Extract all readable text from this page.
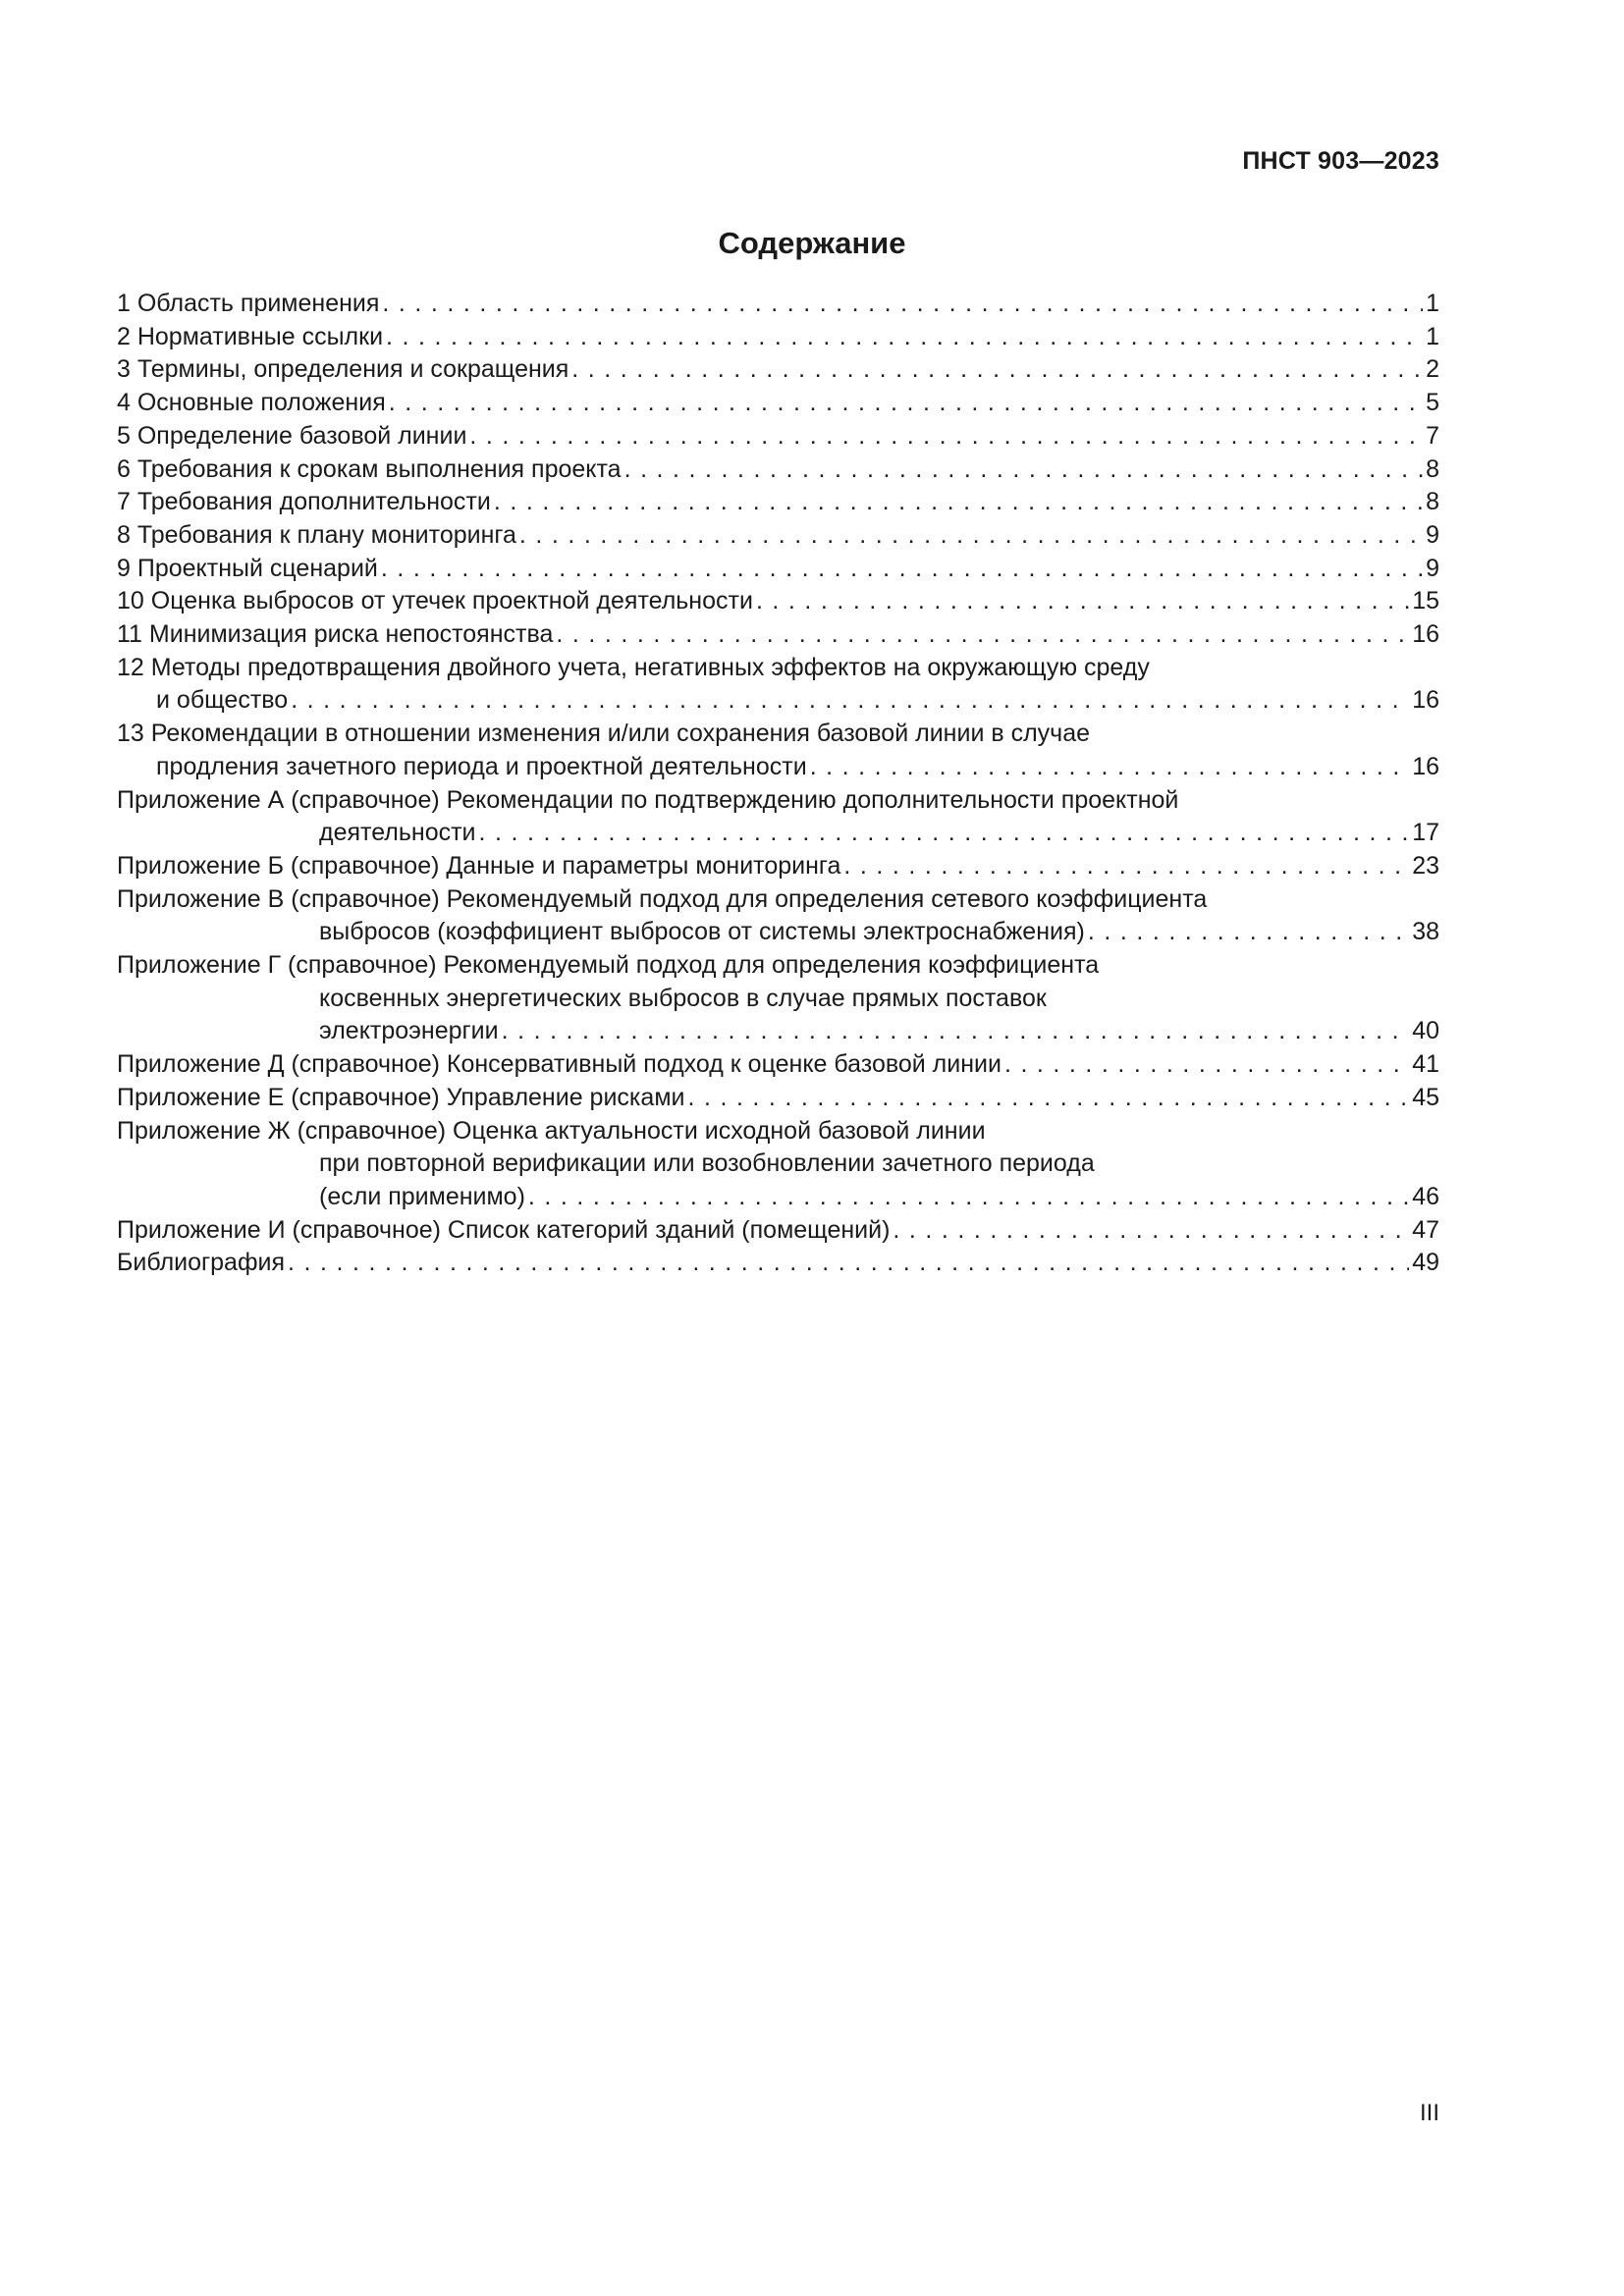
ПНСТ 903—2023
Содержание
1 Область применения . . .	1
2 Нормативные ссылки . . .	1
3 Термины, определения и сокращения . . .	2
4 Основные положения . . .	5
5 Определение базовой линии . . .	7
6 Требования к срокам выполнения проекта . . .	8
7 Требования дополнительности . . .	8
8 Требования к плану мониторинга . . .	9
9 Проектный сценарий . . .	9
10 Оценка выбросов от утечек проектной деятельности . . .	15
11 Минимизация риска непостоянства . . .	16
12 Методы предотвращения двойного учета, негативных эффектов на окружающую среду
и общество . . .	16
13 Рекомендации в отношении изменения и/или сохранения базовой линии в случае
продления зачетного периода и проектной деятельности . . .	16
Приложение А (справочное) Рекомендации по подтверждению дополнительности проектной
деятельности . . .	17
Приложение Б (справочное) Данные и параметры мониторинга . . .	23
Приложение В (справочное) Рекомендуемый подход для определения сетевого коэффициента
выбросов (коэффициент выбросов от системы электроснабжения) . . .	38
Приложение Г (справочное) Рекомендуемый подход для определения коэффициента
косвенных энергетических выбросов в случае прямых поставок
электроэнергии . . .	40
Приложение Д (справочное) Консервативный подход к оценке базовой линии . . .	41
Приложение Е (справочное) Управление рисками . . .	45
Приложение Ж (справочное) Оценка актуальности исходной базовой линии
при повторной верификации или возобновлении зачетного периода
(если применимо) . . .	46
Приложение И (справочное) Список категорий зданий (помещений) . . .	47
Библиография . . .	49
III
